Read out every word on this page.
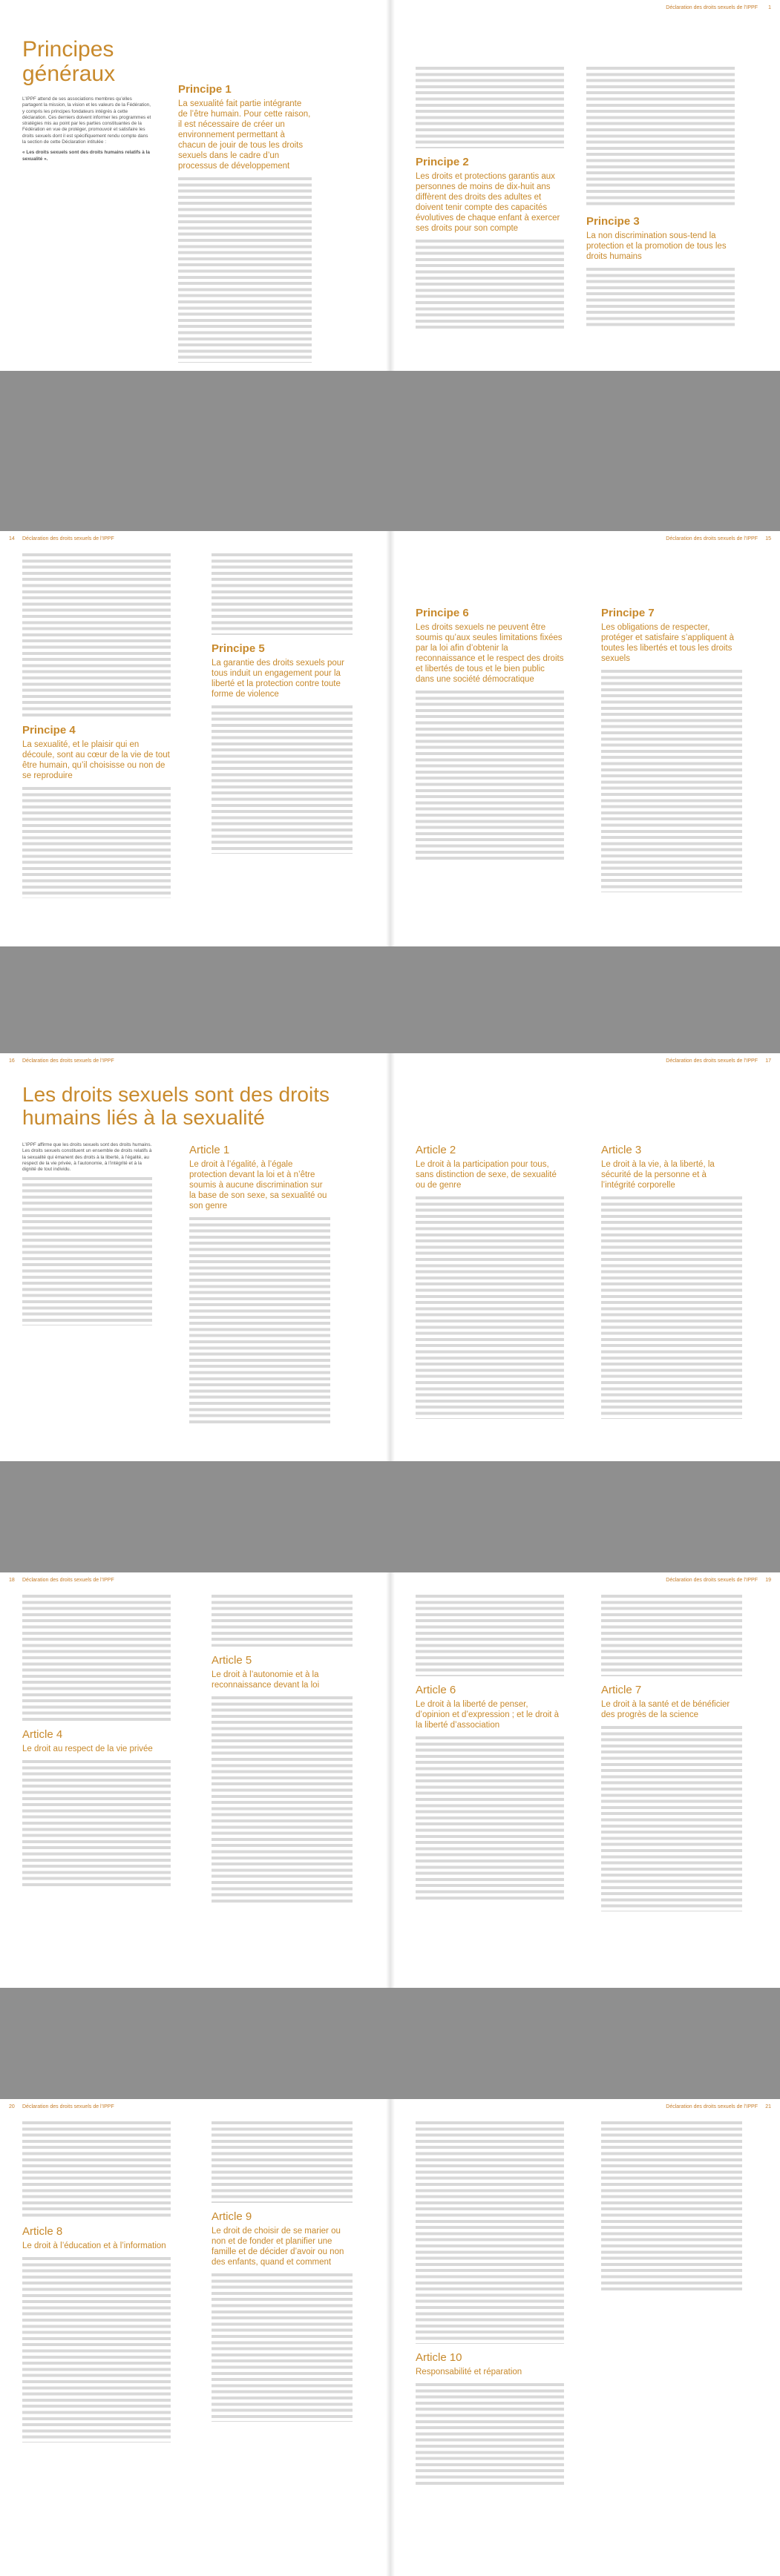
Déclaration des droits sexuels de l’IPPF 1
Principes généraux

L’IPPF attend de ses associations membres qu’elles partagent la mission, la vision et les valeurs de la Fédération, y compris les principes fondateurs intégrés à cette déclaration. Ces derniers doivent informer les programmes et stratégies mis au point par les parties constituantes de la Fédération en vue de protéger, promouvoir et satisfaire les droits sexuels dont il est spécifiquement rendu compte dans la section de cette Déclaration intitulée :

« Les droits sexuels sont des droits humains relatifs à la sexualité ».

Principe 1
La sexualité fait partie intégrante de l’être humain. Pour cette raison, il est nécessaire de créer un environnement permettant à chacun de jouir de tous les droits sexuels dans le cadre d’un processus de développement	Principe 2
Les droits et protections garantis aux personnes de moins de dix-huit ans diffèrent des droits des adultes et doivent tenir compte des capacités évolutives de chaque enfant à exercer ses droits pour son compte
Principe 3
La non discrimination sous-tend la protection et la promotion de tous les droits humains
14 Déclaration des droits sexuels de l’IPPF	Déclaration des droits sexuels de l’IPPF 15
Principe 4
La sexualité, et le plaisir qui en découle, sont au cœur de la vie de tout être humain, qu’il choisisse ou non de se reproduire
Principe 5
La garantie des droits sexuels pour tous induit un engagement pour la liberté et la protection contre toute forme de violence
Principe 6
Les droits sexuels ne peuvent être soumis qu’aux seules limitations fixées par la loi afin d’obtenir la reconnaissance et le respect des droits et libertés de tous et le bien public dans une société démocratique
Principe 7
Les obligations de respecter, protéger et satisfaire s’appliquent à toutes les libertés et tous les droits sexuels
16 Déclaration des droits sexuels de l’IPPF	Déclaration des droits sexuels de l’IPPF 17
Les droits sexuels sont des droits humains liés à la sexualité

L’IPPF affirme que les droits sexuels sont des droits humains. Les droits sexuels constituent un ensemble de droits relatifs à la sexualité qui émanent des droits à la liberté, à l’égalité, au respect de la vie privée, à l’autonomie, à l’intégrité et à la dignité de tout individu.

Article 1
Le droit à l’égalité, à l’égale protection devant la loi et à n’être soumis à aucune discrimination sur la base de son sexe, sa sexualité ou son genre
Article 2
Le droit à la participation pour tous, sans distinction de sexe, de sexualité ou de genre
Article 3
Le droit à la vie, à la liberté, la sécurité de la personne et à l’intégrité corporelle
18 Déclaration des droits sexuels de l’IPPF	Déclaration des droits sexuels de l’IPPF 19
Article 4
Le droit au respect de la vie privée
Article 5
Le droit à l’autonomie et à la reconnaissance devant la loi	Article 6
Le droit à la liberté de penser, d’opinion et d’expression ; et le droit à la liberté d’association
Article 7
Le droit à la santé et de bénéficier des progrès de la science
20 Déclaration des droits sexuels de l’IPPF	Déclaration des droits sexuels de l’IPPF 21
Article 8
Le droit à l’éducation et à l’information
Article 9
Le droit de choisir de se marier ou non et de fonder et planifier une famille et de décider d’avoir ou non des enfants, quand et comment
Article 10
Responsabilité et réparation
